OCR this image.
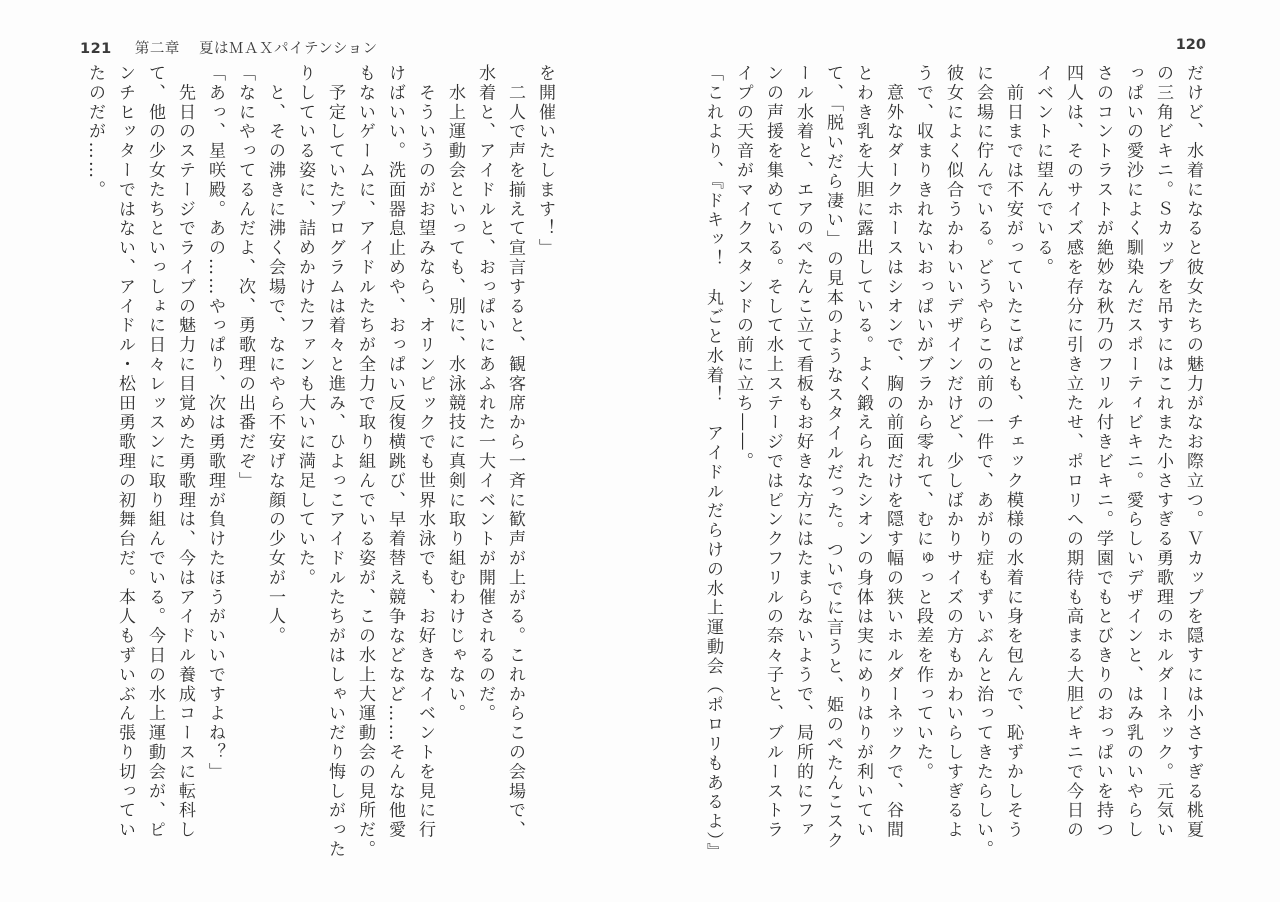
121 第二章 夏はＭＡＸパイテンション	120
だけど、水着になると彼女たちの魅力がなお際立つ。Ｖカップを隠すには小さすぎる桃夏
の三角ビキニ。Ｓカップを吊すにはこれまた小さすぎる勇歌理のホルダーネック。元気い
っぱいの愛沙によく馴染んだスポーティビキニ。愛らしいデザインと、はみ乳のいやらし
さのコントラストが絶妙な秋乃のフリル付きビキニ。学園でもとびきりのおっぱいを持つ
四人は、そのサイズ感を存分に引き立たせ、ポロリへの期待も高まる大胆ビキニで今日の
イベントに望んでいる。
　前日までは不安がっていたこばとも、チェック模様の水着に身を包んで、恥ずかしそう
に会場に佇んでいる。どうやらこの前の一件で、あがり症もずいぶんと治ってきたらしい。
彼女によく似合うかわいいデザインだけど、少しばかりサイズの方もかわいらしすぎるよ
うで、収まりきれないおっぱいがブラから零れて、むにゅっと段差を作っていた。
　意外なダークホースはシオンで、胸の前面だけを隠す幅の狭いホルダーネックで、谷間
とわき乳を大胆に露出している。よく鍛えられたシオンの身体は実にめりはりが利いてい
て、「脱いだら凄い」の見本のようなスタイルだった。ついでに言うと、姫のぺたんこスク
ール水着と、エアのぺたんこ立て看板もお好きな方にはたまらないようで、局所的にファ
ンの声援を集めている。そして水上ステージではピンクフリルの奈々子と、ブルーストラ
イプの天音がマイクスタンドの前に立ち――。
「これより、『ドキッ！　丸ごと水着！　アイドルだらけの水上運動会（ポロリもあるよ）』
を開催いたします！」
　二人で声を揃えて宣言すると、観客席から一斉に歓声が上がる。これからこの会場で、
水着と、アイドルと、おっぱいにあふれた一大イベントが開催されるのだ。
　水上運動会といっても、別に、水泳競技に真剣に取り組むわけじゃない。
　そういうのがお望みなら、オリンピックでも世界水泳でも、お好きなイベントを見に行
けばいい。洗面器息止めや、おっぱい反復横跳び、早着替え競争などなど……そんな他愛
もないゲームに、アイドルたちが全力で取り組んでいる姿が、この水上大運動会の見所だ。
　予定していたプログラムは着々と進み、ひよっこアイドルたちがはしゃいだり悔しがった
りしている姿に、詰めかけたファンも大いに満足していた。
　と、その沸きに沸く会場で、なにやら不安げな顔の少女が一人。
「なにやってるんだよ、次、勇歌理の出番だぞ」
「あっ、星咲殿。あの……やっぱり、次は勇歌理が負けたほうがいいですよね？」
　先日のステージでライブの魅力に目覚めた勇歌理は、今はアイドル養成コースに転科し
て、他の少女たちといっしょに日々レッスンに取り組んでいる。今日の水上運動会が、ピ
ンチヒッターではない、アイドル・松田勇歌理の初舞台だ。本人もずいぶん張り切ってい
たのだが……。
